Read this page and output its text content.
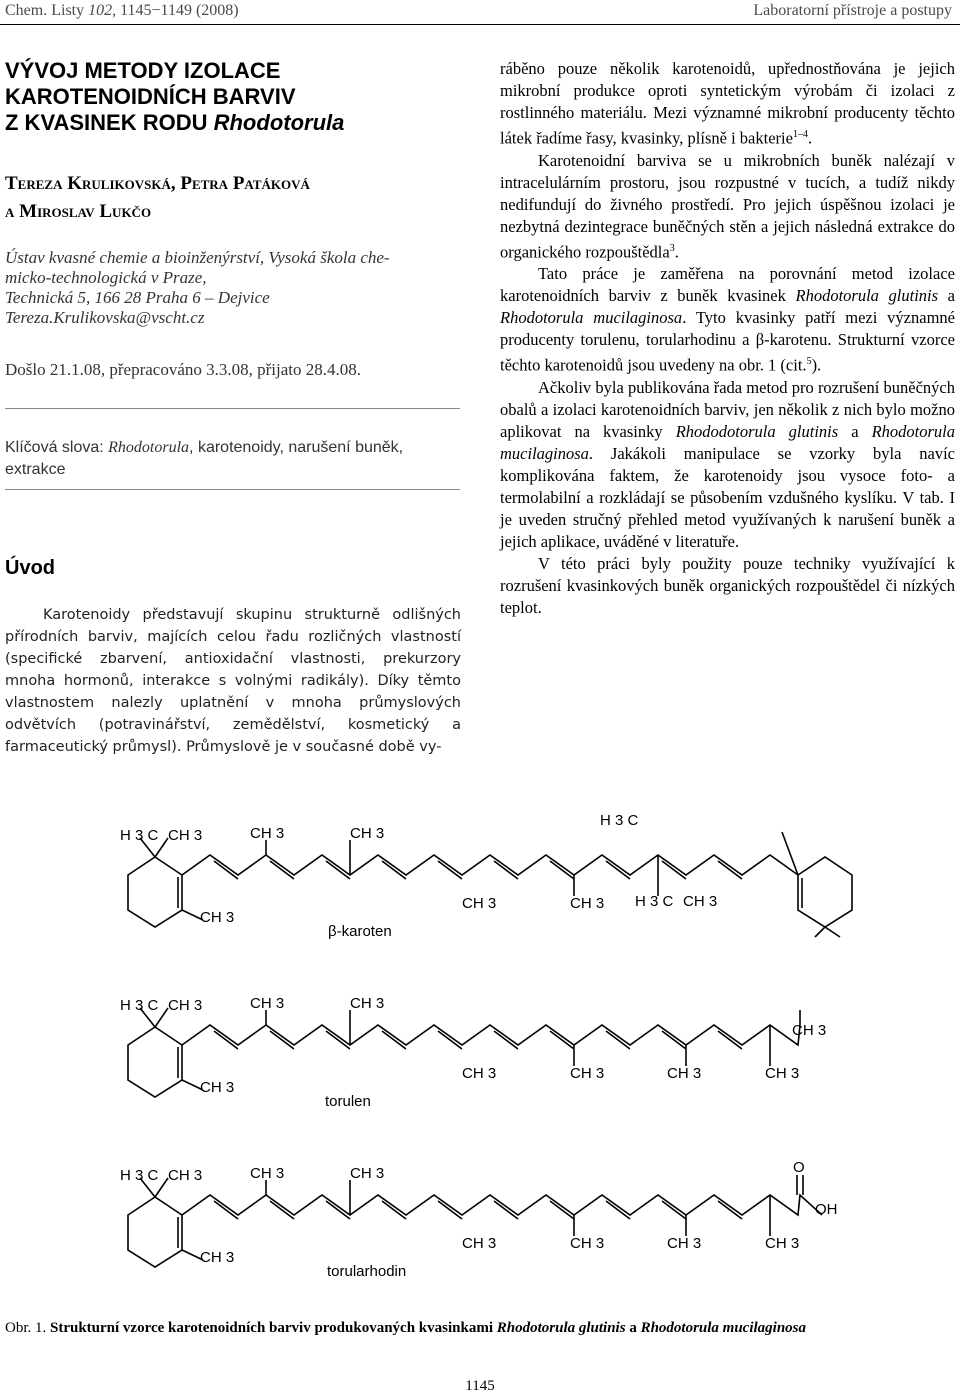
Chem. Listy 102, 1145−1149 (2008)	Laboratorní přístroje a postupy
VÝVOJ METODY IZOLACE
KAROTENOIDNÍCH BARVIV
Z KVASINEK RODU Rhodotorula
Tereza Krulikovská, Petra Patáková
a Miroslav Lukčo
Ústav kvasné chemie a bioinženýrství, Vysoká škola che-
micko-technologická v Praze,
Technická 5, 166 28 Praha 6 – Dejvice
Tereza.Krulikovska@vscht.cz
Došlo 21.1.08, přepracováno 3.3.08, přijato 28.4.08.
Klíčová slova: Rhodotorula, karotenoidy, narušení buněk, extrakce
Úvod

Karotenoidy představují skupinu strukturně odlišných přírodních barviv, majících celou řadu rozličných vlastností (specifické zbarvení, antioxidační vlastnosti, prekurzory mnoha hormonů, interakce s volnými radikály). Díky těmto vlastnostem nalezly uplatnění v mnoha průmyslových odvětvích (potravinářství, zemědělství, kosmetický a farmaceutický průmysl). Průmyslově je v současné době vy-

ráběno pouze několik karotenoidů, upřednostňována je jejich mikrobní produkce oproti syntetickým výrobám či izolaci z rostlinného materiálu. Mezi významné mikrobní producenty těchto látek řadíme řasy, kvasinky, plísně i bakterie$^{1-4}$.

Karotenoidní barviva se u mikrobních buněk nalézají v intracelulárním prostoru, jsou rozpustné v tucích, a tudíž nikdy nedifundují do živného prostředí. Pro jejich úspěšnou izolaci je nezbytná dezintegrace buněčných stěn a jejich následná extrakce do organického rozpouštědla$^3$.

Tato práce je zaměřena na porovnání metod izolace karotenoidních barviv z buněk kvasinek Rhodotorula glutinis a Rhodotorula mucilaginosa. Tyto kvasinky patří mezi významné producenty torulenu, torularhodinu a β-karotenu. Strukturní vzorce těchto karotenoidů jsou uvedeny na obr. 1 (cit.$^5$).

Ačkoliv byla publikována řada metod pro rozrušení buněčných obalů a izolaci karotenoidních barviv, jen několik z nich bylo možno aplikovat na kvasinky Rhododotorula glutinis a Rhodotorula mucilaginosa. Jakákoli manipulace se vzorky byla navíc komplikována faktem, že karotenoidy jsou vysoce foto- a termolabilní a rozkládají se působením vzdušného kyslíku. V tab. I je uveden stručný přehled metod využívaných k narušení buněk a jejich aplikace, uváděné v literatuře.

V této práci byly použity pouze techniky využívající k rozrušení kvasinkových buněk organických rozpouštědel či nízkých teplot.

H 3 C CH 3	CH 3	CH 3
CH 3
H 3 C
CH 3	CH 3 H 3 C CH 3
β-karoten
H 3 C CH 3	CH 3	CH 3
CH 3
CH 3
CH 3	CH 3	CH 3	CH 3
torulen
H 3 C CH 3	CH 3	CH 3
CH 3
O
OH
CH 3	CH 3	CH 3	CH 3
torularhodin
Obr. 1. Strukturní vzorce karotenoidních barviv produkovaných kvasinkami Rhodotorula glutinis a Rhodotorula mucilaginosa
1145
